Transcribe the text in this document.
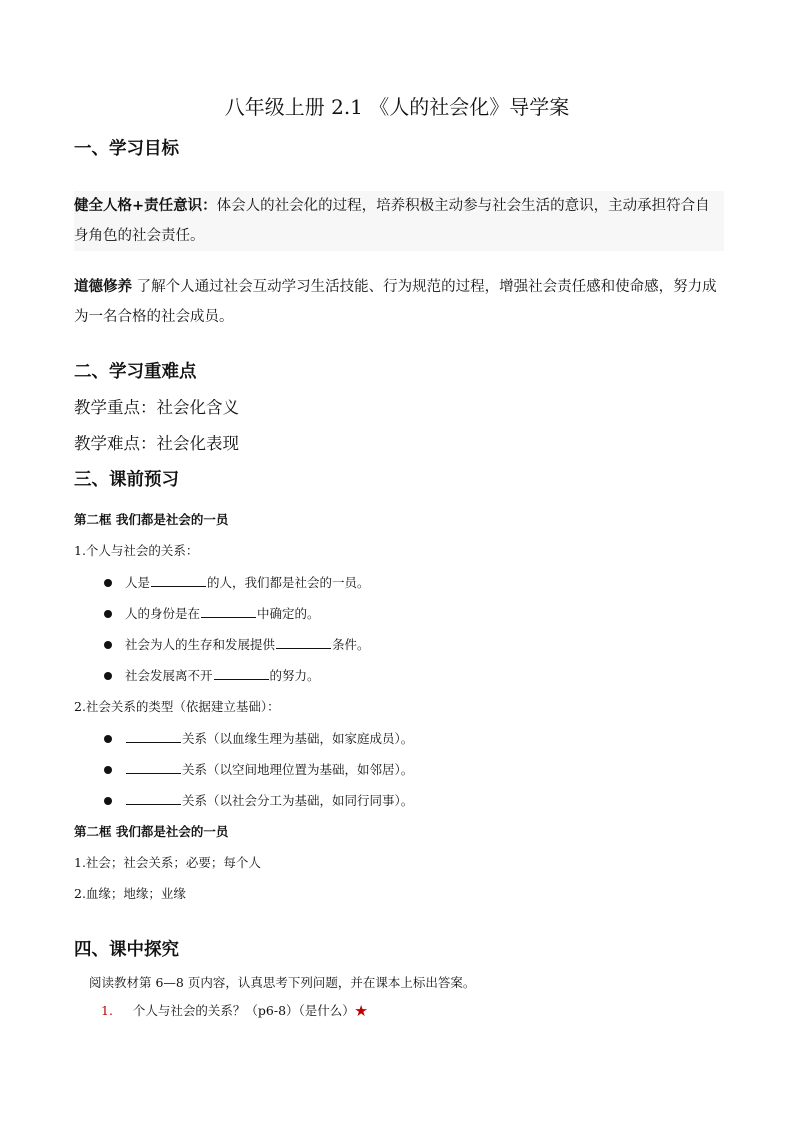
八年级上册 2.1 《人的社会化》导学案
一、学习目标
健全人格+责任意识：体会人的社会化的过程，培养积极主动参与社会生活的意识，主动承担符合自身角色的社会责任。
道德修养 了解个人通过社会互动学习生活技能、行为规范的过程，增强社会责任感和使命感，努力成为一名合格的社会成员。
二、学习重难点
教学重点：社会化含义
教学难点：社会化表现
三、课前预习
第二框 我们都是社会的一员
1.个人与社会的关系：
人是	的人，我们都是社会的一员。
人的身份是在	中确定的。
社会为人的生存和发展提供	条件。
社会发展离不开	的努力。
2.社会关系的类型（依据建立基础）：
关系（以血缘生理为基础，如家庭成员）。
关系（以空间地理位置为基础，如邻居）。
关系（以社会分工为基础，如同行同事）。
第二框 我们都是社会的一员
1.社会；社会关系；必要；每个人
2.血缘；地缘；业缘
四、课中探究
阅读教材第 6—8 页内容，认真思考下列问题，并在课本上标出答案。
1. 个人与社会的关系？（p6-8）（是什么）★
